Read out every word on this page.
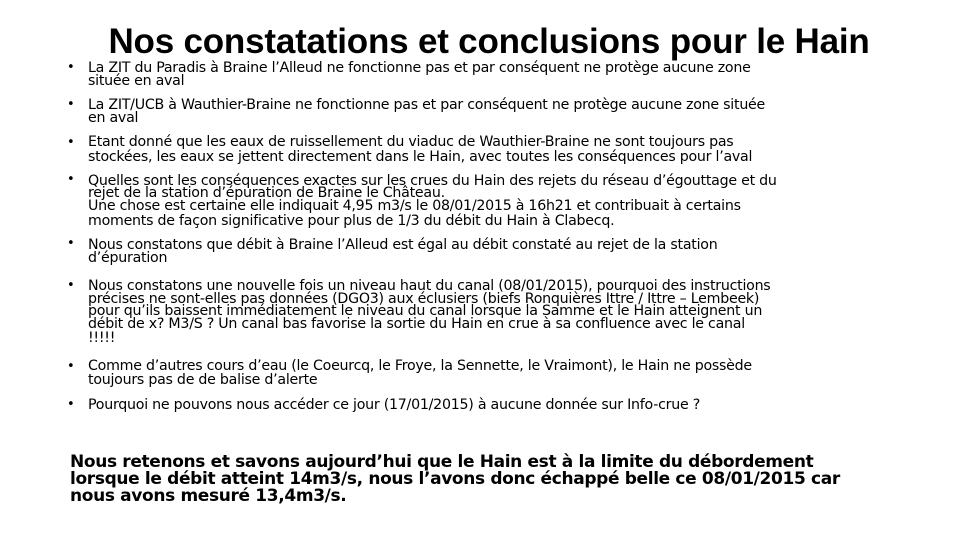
Nos constatations et conclusions pour le Hain
• La ZIT du Paradis à Braine l’Alleud ne fonctionne pas et par conséquent ne protège aucune zone
située en aval
• La ZIT/UCB à Wauthier-Braine ne fonctionne pas et par conséquent ne protège aucune zone située
en aval
• Etant donné que les eaux de ruissellement du viaduc de Wauthier-Braine ne sont toujours pas
stockées, les eaux se jettent directement dans le Hain, avec toutes les conséquences pour l’aval
• Quelles sont les conséquences exactes sur les crues du Hain des rejets du réseau d’égouttage et du
rejet de la station d’épuration de Braine le Château.
Une chose est certaine elle indiquait 4,95 m3/s le 08/01/2015 à 16h21 et contribuait à certains
moments de façon significative pour plus de 1/3 du débit du Hain à Clabecq.
• Nous constatons que débit à Braine l’Alleud est égal au débit constaté au rejet de la station
d’épuration
• Nous constatons une nouvelle fois un niveau haut du canal (08/01/2015), pourquoi des instructions
précises ne sont-elles pas données (DGO3) aux éclusiers (biefs Ronquières Ittre / Ittre – Lembeek)
pour qu’ils baissent immédiatement le niveau du canal lorsque la Samme et le Hain atteignent un
débit de x? M3/S ? Un canal bas favorise la sortie du Hain en crue à sa confluence avec le canal
!!!!!
• Comme d’autres cours d’eau (le Coeurcq, le Froye, la Sennette, le Vraimont), le Hain ne possède
toujours pas de de balise d’alerte
• Pourquoi ne pouvons nous accéder ce jour (17/01/2015) à aucune donnée sur Info-crue ?
Nous retenons et savons aujourd’hui que le Hain est à la limite du débordement
lorsque le débit atteint 14m3/s, nous l’avons donc échappé belle ce 08/01/2015 car
nous avons mesuré 13,4m3/s.
